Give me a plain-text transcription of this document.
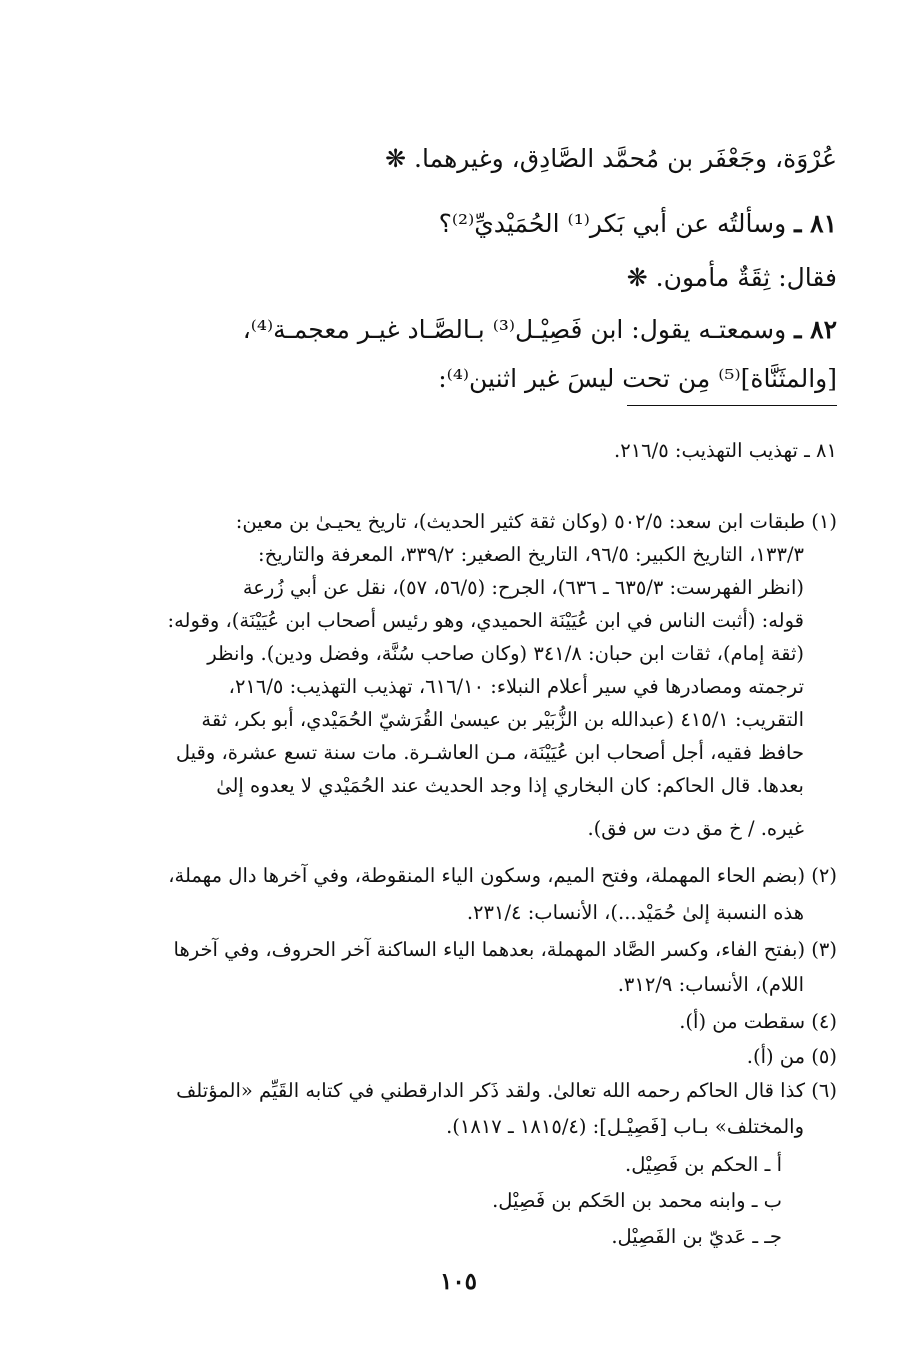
عُرْوَة، وجَعْفَر بن مُحمَّد الصَّادِق، وغيرهما. ❋
٨١ ـ وسألتُه عن أبي بَكر⁽¹⁾ الحُمَيْديِّ⁽²⁾؟
فقال: ثِقَةٌ مأمون. ❋
٨٢ ـ وسمعتـه يقول: ابن فَصِيْـل⁽³⁾ بـالصَّـاد غيـر معجمـة⁽⁴⁾،
[والمثَنَّاة]⁽⁵⁾ مِن تحت ليسَ غير اثنين⁽⁴⁾:
٨١ ـ تهذيب التهذيب: ٢١٦/٥.
(١) طبقات ابن سعد: ٥٠٢/٥ (وكان ثقة كثير الحديث)، تاريخ يحيـىٰ بن معين:
١٣٣/٣، التاريخ الكبير: ٩٦/٥، التاريخ الصغير: ٣٣٩/٢، المعرفة والتاريخ:
(انظر الفهرست: ٦٣٥/٣ ـ ٦٣٦)، الجرح: (٥٦/٥، ٥٧)، نقل عن أبي زُرعة
قوله: (أثبت الناس في ابن عُيَيْنَة الحميدي، وهو رئيس أصحاب ابن عُيَيْنَة)، وقوله:
(ثقة إمام)، ثقات ابن حبان: ٣٤١/٨ (وكان صاحب سُنَّة، وفضل ودين). وانظر
ترجمته ومصادرها في سير أعلام النبلاء: ٦١٦/١٠، تهذيب التهذيب: ٢١٦/٥،
التقريب: ٤١٥/١ (عبدالله بن الزُّبَيْر بن عيسىٰ القُرَشيّ الحُمَيْدي، أبو بكر، ثقة
حافظ فقيه، أجل أصحاب ابن عُيَيْنَة، مـن العاشـرة. مات سنة تسع عشرة، وقيل
بعدها. قال الحاكم: كان البخاري إذا وجد الحديث عند الحُمَيْدي لا يعدوه إلىٰ
غيره. / خ مق دت س فق).
(٢) (بضم الحاء المهملة، وفتح الميم، وسكون الياء المنقوطة، وفي آخرها دال مهملة،
هذه النسبة إلىٰ حُمَيْد...)، الأنساب: ٢٣١/٤.
(٣) (بفتح الفاء، وكسر الصَّاد المهملة، بعدهما الياء الساكنة آخر الحروف، وفي آخرها
اللام)، الأنساب: ٣١٢/٩.
(٤) سقطت من (أ).
(٥) من (أ).
(٦) كذا قال الحاكم رحمه الله تعالىٰ. ولقد ذَكر الدارقطني في كتابه القَيِّم «المؤتلف
والمختلف» بـاب [فَصِيْـل]: (١٨١٥/٤ ـ ١٨١٧).
أ ـ الحكم بن فَصِيْل.
ب ـ وابنه محمد بن الحَكم بن فَصِيْل.
جـ ـ عَديّ بن الفَصِيْل.
١٠٥
